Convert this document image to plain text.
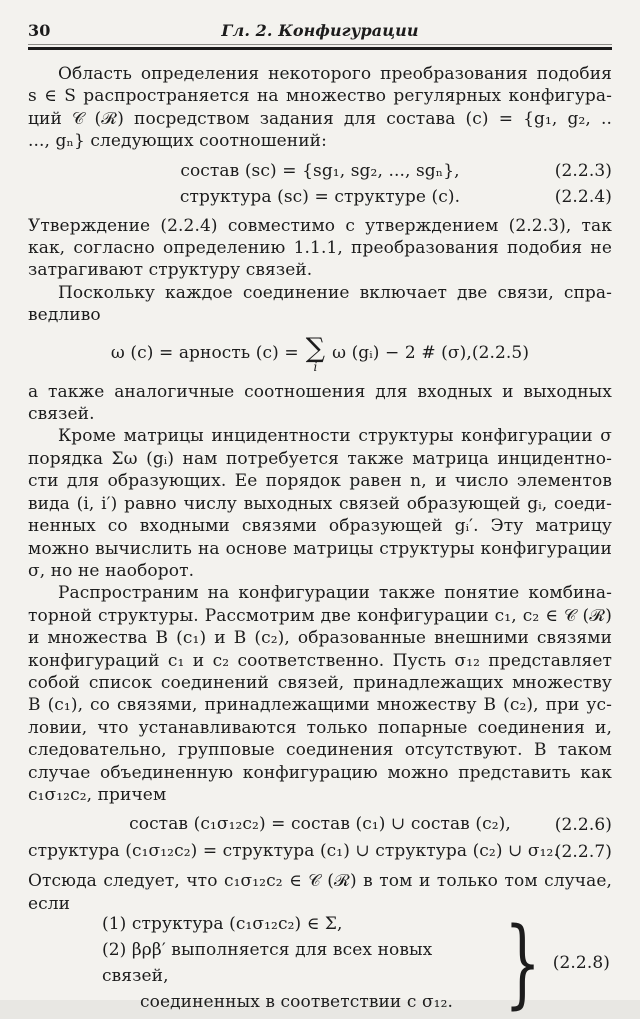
30	Гл. 2. Конфигурации
Область определения некоторого преобразования подобия
s ∈ S распространяется на множество регулярных конфигура-
ций 𝒞 (ℛ) посредством задания для состава (c) = {g₁, g₂, ..
..., gₙ} следующих соотношений:
состав (sc) = {sg₁, sg₂, ..., sgₙ},	(2.2.3)
структура (sc) = структуре (c).	(2.2.4)
Утверждение (2.2.4) совместимо с утверждением (2.2.3), так
как, согласно определению 1.1.1, преобразования подобия не
затрагивают структуру связей.
Поскольку каждое соединение включает две связи, спра-
ведливо
ω (c) = арность (c) = ∑
i
ω (gᵢ) − 2 # (σ), (2.2.5)
а также аналогичные соотношения для входных и выходных
связей.
Кроме матрицы инцидентности структуры конфигурации σ
порядка Σω (gᵢ) нам потребуется также матрица инцидентно-
сти для образующих. Ее порядок равен n, и число элементов
вида (i, i′) равно числу выходных связей образующей gᵢ, соеди-
ненных со входными связями образующей gᵢ′. Эту матрицу
можно вычислить на основе матрицы структуры конфигурации
σ, но не наоборот.
Распространим на конфигурации также понятие комбина-
торной структуры. Рассмотрим две конфигурации c₁, c₂ ∈ 𝒞 (ℛ)
и множества B (c₁) и B (c₂), образованные внешними связями
конфигураций c₁ и c₂ соответственно. Пусть σ₁₂ представляет
собой список соединений связей, принадлежащих множеству
B (c₁), со связями, принадлежащими множеству B (c₂), при ус-
ловии, что устанавливаются только попарные соединения и,
следовательно, групповые соединения отсутствуют. В таком
случае объединенную конфигурацию можно представить как
c₁σ₁₂c₂, причем
состав (c₁σ₁₂c₂) = состав (c₁) ∪ состав (c₂),	(2.2.6)
структура (c₁σ₁₂c₂) = структура (c₁) ∪ структура (c₂) ∪ σ₁₂.
(2.2.7)
Отсюда следует, что c₁σ₁₂c₂ ∈ 𝒞 (ℛ) в том и только том случае,
если
(1) структура (c₁σ₁₂c₂) ∈ Σ,
(2) βρβ′ выполняется для всех новых связей,
соединенных в соответствии с σ₁₂. } (2.2.8)
